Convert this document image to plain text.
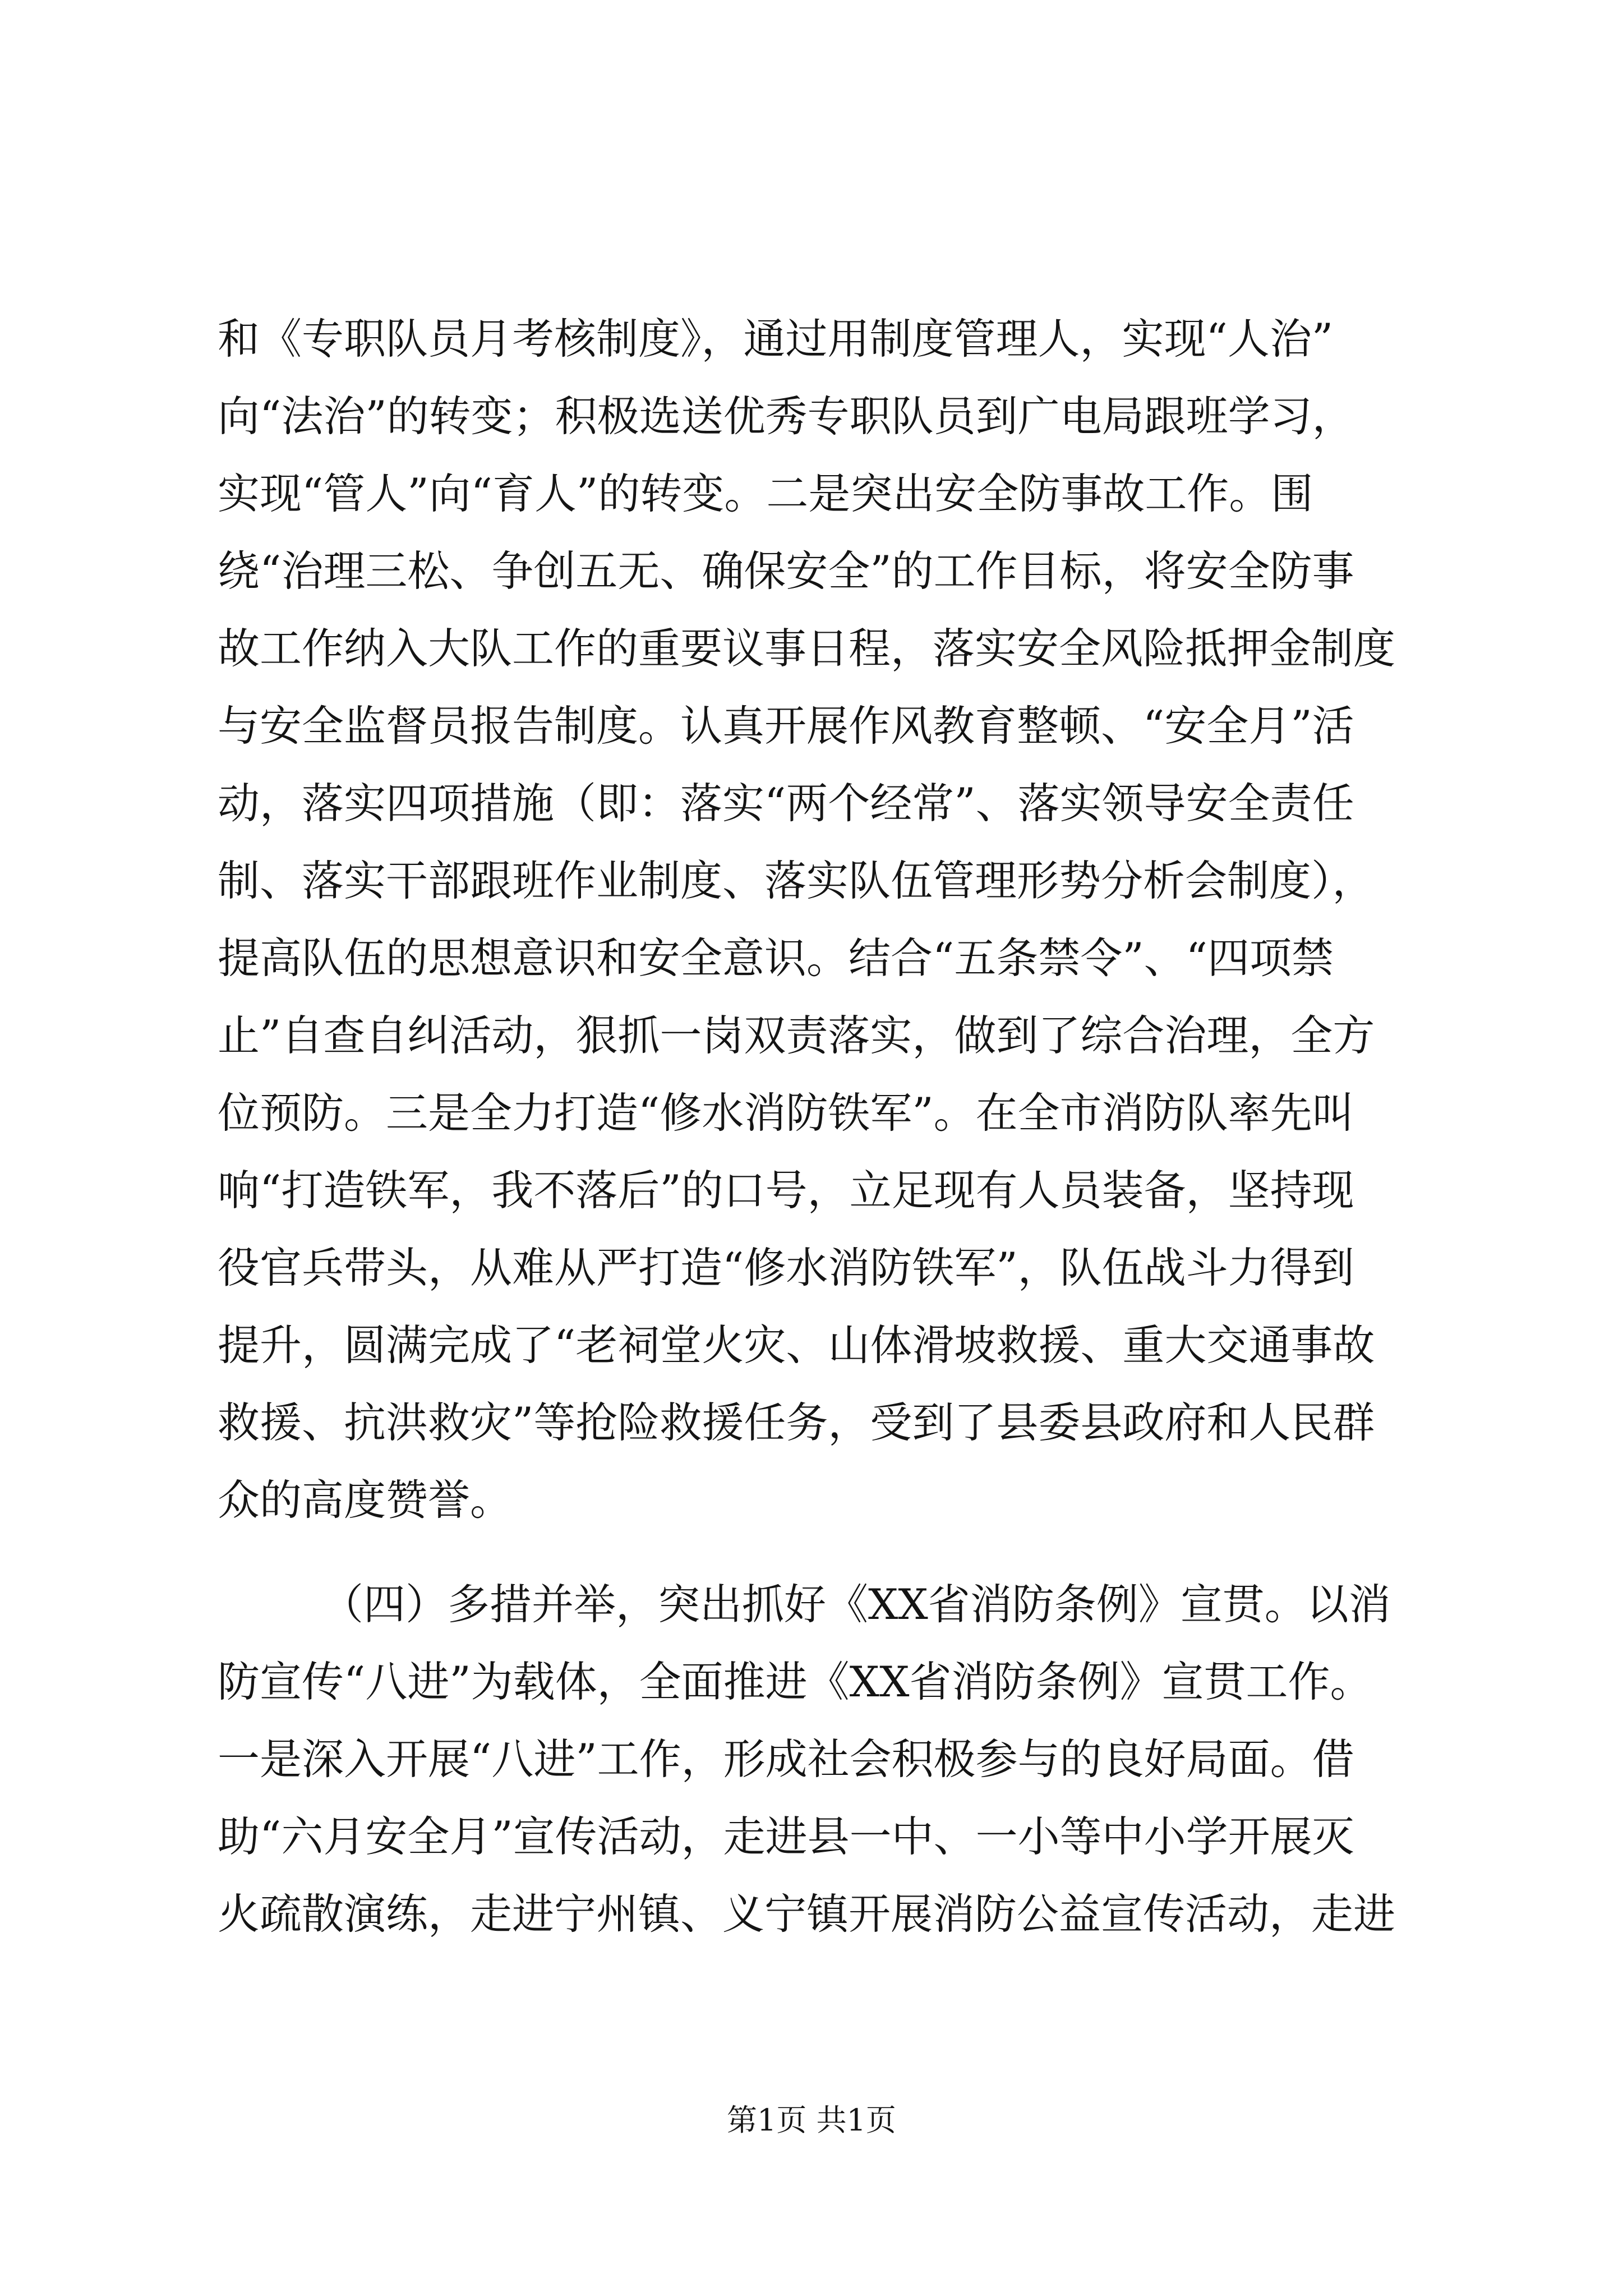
和《专职队员月考核制度》，通过用制度管理人，实现“人治”
向“法治”的转变；积极选送优秀专职队员到广电局跟班学习，
实现“管人”向“育人”的转变。二是突出安全防事故工作。围
绕“治理三松、争创五无、确保安全”的工作目标，将安全防事
故工作纳入大队工作的重要议事日程，落实安全风险抵押金制度
与安全监督员报告制度。认真开展作风教育整顿、“安全月”活
动，落实四项措施（即：落实“两个经常”、落实领导安全责任
制、落实干部跟班作业制度、落实队伍管理形势分析会制度），
提高队伍的思想意识和安全意识。结合“五条禁令”、“四项禁
止”自查自纠活动，狠抓一岗双责落实，做到了综合治理，全方
位预防。三是全力打造“修水消防铁军”。在全市消防队率先叫
响“打造铁军，我不落后”的口号，立足现有人员装备，坚持现
役官兵带头，从难从严打造“修水消防铁军”，队伍战斗力得到
提升，圆满完成了“老祠堂火灾、山体滑坡救援、重大交通事故
救援、抗洪救灾”等抢险救援任务，受到了县委县政府和人民群
众的高度赞誉。
（四）多措并举，突出抓好《XX省消防条例》宣贯。以消
防宣传“八进”为载体，全面推进《XX省消防条例》宣贯工作。
一是深入开展“八进”工作，形成社会积极参与的良好局面。借
助“六月安全月”宣传活动，走进县一中、一小等中小学开展灭
火疏散演练，走进宁州镇、义宁镇开展消防公益宣传活动，走进
第1页 共1页
